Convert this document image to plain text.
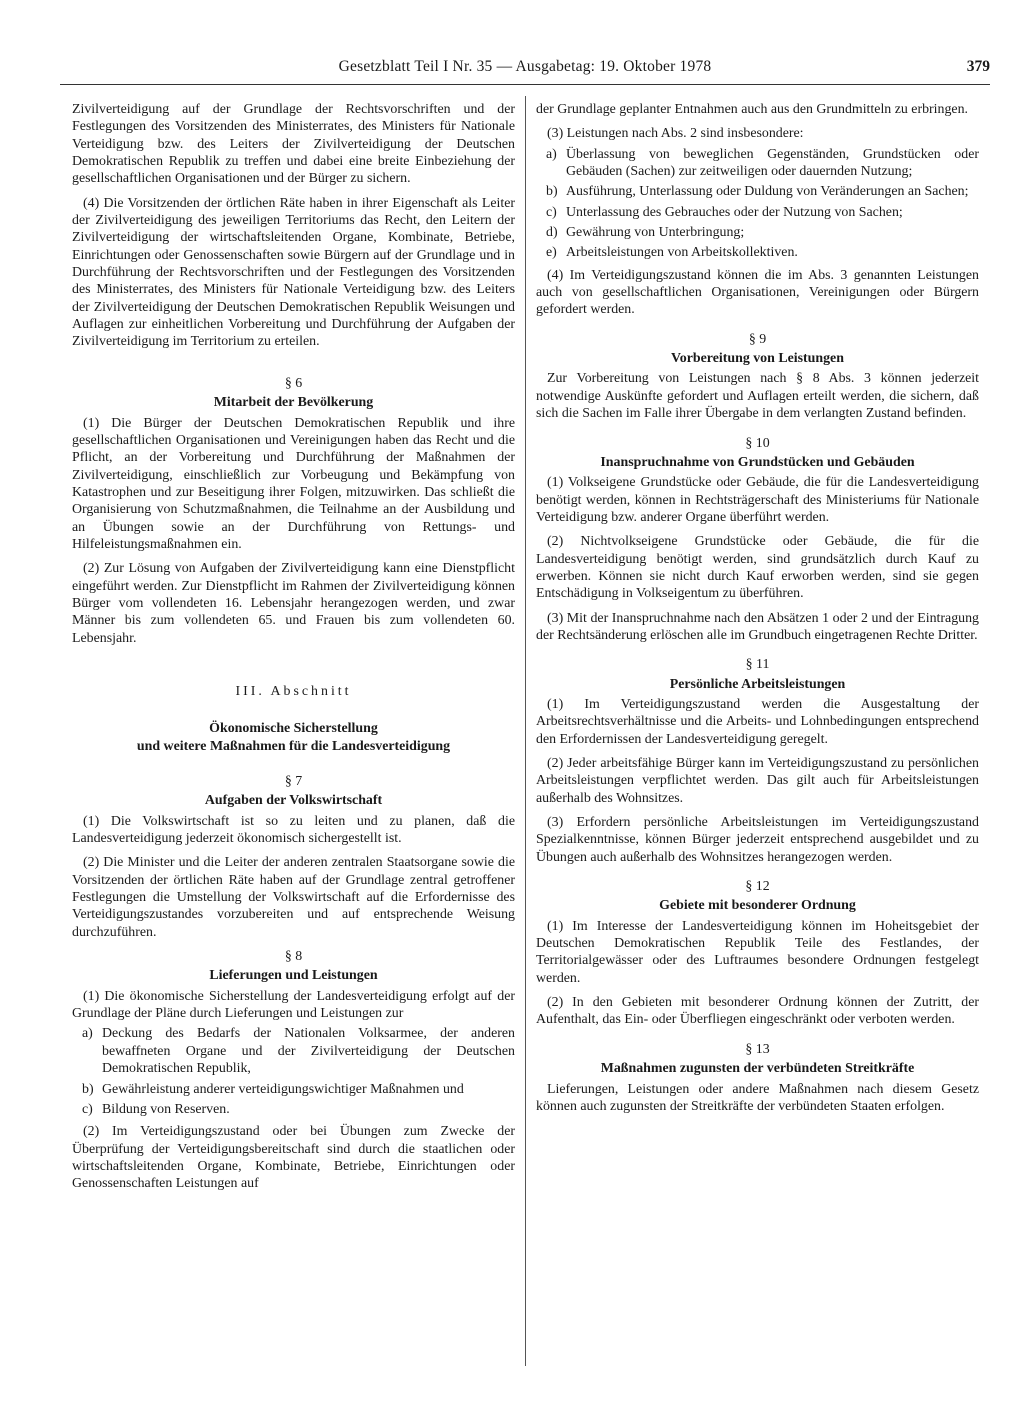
Gesetzblatt Teil I Nr. 35 — Ausgabetag: 19. Oktober 1978	379

Zivilverteidigung auf der Grundlage der Rechtsvorschriften und der Festlegungen des Vorsitzenden des Ministerrates, des Ministers für Nationale Verteidigung bzw. des Leiters der Zivilverteidigung der Deutschen Demokratischen Republik zu treffen und dabei eine breite Einbeziehung der gesellschaftlichen Organisationen und der Bürger zu sichern.

(4) Die Vorsitzenden der örtlichen Räte haben in ihrer Eigenschaft als Leiter der Zivilverteidigung des jeweiligen Territoriums das Recht, den Leitern der Zivilverteidigung der wirtschaftsleitenden Organe, Kombinate, Betriebe, Einrichtungen oder Genossenschaften sowie Bürgern auf der Grundlage und in Durchführung der Rechtsvorschriften und der Festlegungen des Vorsitzenden des Ministerrates, des Ministers für Nationale Verteidigung bzw. des Leiters der Zivilverteidigung der Deutschen Demokratischen Republik Weisungen und Auflagen zur einheitlichen Vorbereitung und Durchführung der Aufgaben der Zivilverteidigung im Territorium zu erteilen.

§ 6
Mitarbeit der Bevölkerung

(1) Die Bürger der Deutschen Demokratischen Republik und ihre gesellschaftlichen Organisationen und Vereinigungen haben das Recht und die Pflicht, an der Vorbereitung und Durchführung der Maßnahmen der Zivilverteidigung, einschließlich zur Vorbeugung und Bekämpfung von Katastrophen und zur Beseitigung ihrer Folgen, mitzuwirken. Das schließt die Organisierung von Schutzmaßnahmen, die Teilnahme an der Ausbildung und an Übungen sowie an der Durchführung von Rettungs- und Hilfeleistungsmaßnahmen ein.

(2) Zur Lösung von Aufgaben der Zivilverteidigung kann eine Dienstpflicht eingeführt werden. Zur Dienstpflicht im Rahmen der Zivilverteidigung können Bürger vom vollendeten 16. Lebensjahr herangezogen werden, und zwar Männer bis zum vollendeten 65. und Frauen bis zum vollendeten 60. Lebensjahr.

III. Abschnitt
Ökonomische Sicherstellung
und weitere Maßnahmen für die Landesverteidigung
§ 7
Aufgaben der Volkswirtschaft

(1) Die Volkswirtschaft ist so zu leiten und zu planen, daß die Landesverteidigung jederzeit ökonomisch sichergestellt ist.

(2) Die Minister und die Leiter der anderen zentralen Staatsorgane sowie die Vorsitzenden der örtlichen Räte haben auf der Grundlage zentral getroffener Festlegungen die Umstellung der Volkswirtschaft auf die Erfordernisse des Verteidigungszustandes vorzubereiten und auf entsprechende Weisung durchzuführen.

§ 8
Lieferungen und Leistungen

(1) Die ökonomische Sicherstellung der Landesverteidigung erfolgt auf der Grundlage der Pläne durch Lieferungen und Leistungen zur

a) Deckung des Bedarfs der Nationalen Volksarmee, der anderen bewaffneten Organe und der Zivilverteidigung der Deutschen Demokratischen Republik,
b) Gewährleistung anderer verteidigungswichtiger Maßnahmen und
c) Bildung von Reserven.

(2) Im Verteidigungszustand oder bei Übungen zum Zwecke der Überprüfung der Verteidigungsbereitschaft sind durch die staatlichen oder wirtschaftsleitenden Organe, Kombinate, Betriebe, Einrichtungen oder Genossenschaften Leistungen auf

der Grundlage geplanter Entnahmen auch aus den Grundmitteln zu erbringen.

(3) Leistungen nach Abs. 2 sind insbesondere:

a) Überlassung von beweglichen Gegenständen, Grundstücken oder Gebäuden (Sachen) zur zeitweiligen oder dauernden Nutzung;
b) Ausführung, Unterlassung oder Duldung von Veränderungen an Sachen;
c) Unterlassung des Gebrauches oder der Nutzung von Sachen;
d) Gewährung von Unterbringung;
e) Arbeitsleistungen von Arbeitskollektiven.

(4) Im Verteidigungszustand können die im Abs. 3 genannten Leistungen auch von gesellschaftlichen Organisationen, Vereinigungen oder Bürgern gefordert werden.

§ 9
Vorbereitung von Leistungen

Zur Vorbereitung von Leistungen nach § 8 Abs. 3 können jederzeit notwendige Auskünfte gefordert und Auflagen erteilt werden, die sichern, daß sich die Sachen im Falle ihrer Übergabe in dem verlangten Zustand befinden.

§ 10
Inanspruchnahme von Grundstücken und Gebäuden

(1) Volkseigene Grundstücke oder Gebäude, die für die Landesverteidigung benötigt werden, können in Rechtsträgerschaft des Ministeriums für Nationale Verteidigung bzw. anderer Organe überführt werden.

(2) Nichtvolkseigene Grundstücke oder Gebäude, die für die Landesverteidigung benötigt werden, sind grundsätzlich durch Kauf zu erwerben. Können sie nicht durch Kauf erworben werden, sind sie gegen Entschädigung in Volkseigentum zu überführen.

(3) Mit der Inanspruchnahme nach den Absätzen 1 oder 2 und der Eintragung der Rechtsänderung erlöschen alle im Grundbuch eingetragenen Rechte Dritter.

§ 11
Persönliche Arbeitsleistungen

(1) Im Verteidigungszustand werden die Ausgestaltung der Arbeitsrechtsverhältnisse und die Arbeits- und Lohnbedingungen entsprechend den Erfordernissen der Landesverteidigung geregelt.

(2) Jeder arbeitsfähige Bürger kann im Verteidigungszustand zu persönlichen Arbeitsleistungen verpflichtet werden. Das gilt auch für Arbeitsleistungen außerhalb des Wohnsitzes.

(3) Erfordern persönliche Arbeitsleistungen im Verteidigungszustand Spezialkenntnisse, können Bürger jederzeit entsprechend ausgebildet und zu Übungen auch außerhalb des Wohnsitzes herangezogen werden.

§ 12
Gebiete mit besonderer Ordnung

(1) Im Interesse der Landesverteidigung können im Hoheitsgebiet der Deutschen Demokratischen Republik Teile des Festlandes, der Territorialgewässer oder des Luftraumes besondere Ordnungen festgelegt werden.

(2) In den Gebieten mit besonderer Ordnung können der Zutritt, der Aufenthalt, das Ein- oder Überfliegen eingeschränkt oder verboten werden.

§ 13
Maßnahmen zugunsten der verbündeten Streitkräfte

Lieferungen, Leistungen oder andere Maßnahmen nach diesem Gesetz können auch zugunsten der Streitkräfte der verbündeten Staaten erfolgen.
